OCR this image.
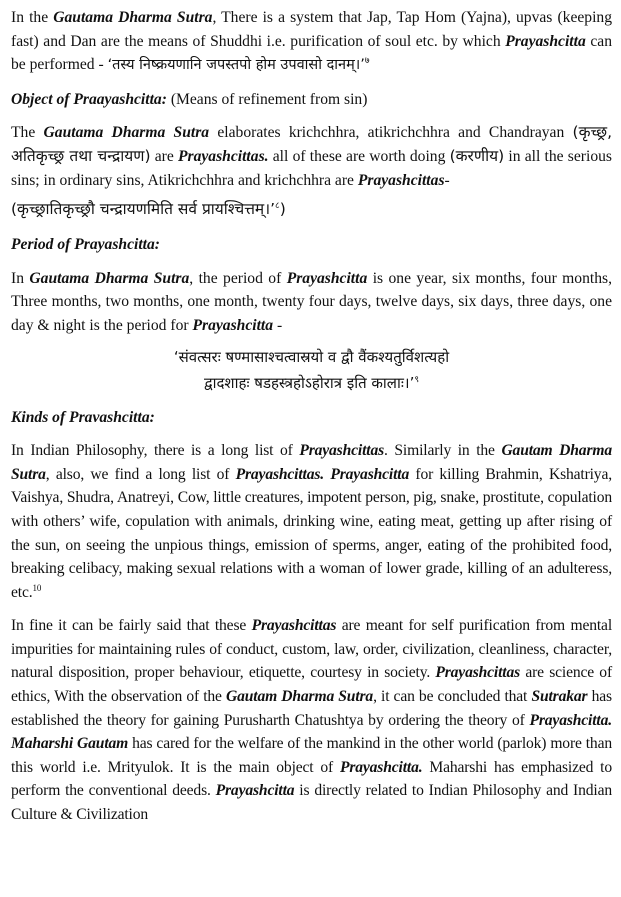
In the Gautama Dharma Sutra, There is a system that Jap, Tap Hom (Yajna), upvas (keeping fast) and Dan are the means of Shuddhi i.e. purification of soul etc. by which Prayashcitta can be performed - ‘तस्य निष्क्रयणानि जपस्तपो होम उपवासो दानम्।’$^७$

Object of Praayashcitta: (Means of refinement from sin)

The Gautama Dharma Sutra elaborates krichchhra, atikrichchhra and Chandrayan (कृच्छ्र, अतिकृच्छ्र तथा चन्द्रायण) are Prayashcittas. all of these are worth doing (करणीय) in all the serious sins; in ordinary sins, Atikrichchhra and krichchhra are Prayashcittas-

(कृच्छ्रातिकृच्छ्रौ चन्द्रायणमिति सर्व प्रायश्चित्तम्।’$^८$)

Period of Prayashcitta:

In Gautama Dharma Sutra, the period of Prayashcitta is one year, six months, four months, Three months, two months, one month, twenty four days, twelve days, six days, three days, one day & night is the period for Prayashcitta -

‘संवत्सरः षण्मासाश्चत्वास्रयो व द्वौ वैंकश्यतुर्विशत्यहो
द्वादशाहः षडहस्त्रहोऽहोरात्र इति कालाः।’$^९$

Kinds of Pravashcitta:

In Indian Philosophy, there is a long list of Prayashcittas. Similarly in the Gautam Dharma Sutra, also, we find a long list of Prayashcittas. Prayashcitta for killing Brahmin, Kshatriya, Vaishya, Shudra, Anatreyi, Cow, little creatures, impotent person, pig, snake, prostitute, copulation with others’ wife, copulation with animals, drinking wine, eating meat, getting up after rising of the sun, on seeing the unpious things, emission of sperms, anger, eating of the prohibited food, breaking celibacy, making sexual relations with a woman of lower grade, killing of an adulteress, etc.$^{10}$

In fine it can be fairly said that these Prayashcittas are meant for self purification from mental impurities for maintaining rules of conduct, custom, law, order, civilization, cleanliness, character, natural disposition, proper behaviour, etiquette, courtesy in society. Prayashcittas are science of ethics, With the observation of the Gautam Dharma Sutra, it can be concluded that Sutrakar has established the theory for gaining Purusharth Chatushtya by ordering the theory of Prayashcitta. Maharshi Gautam has cared for the welfare of the mankind in the other world (parlok) more than this world i.e. Mrityulok. It is the main object of Prayashcitta. Maharshi has emphasized to perform the conventional deeds. Prayashcitta is directly related to Indian Philosophy and Indian Culture & Civilization
